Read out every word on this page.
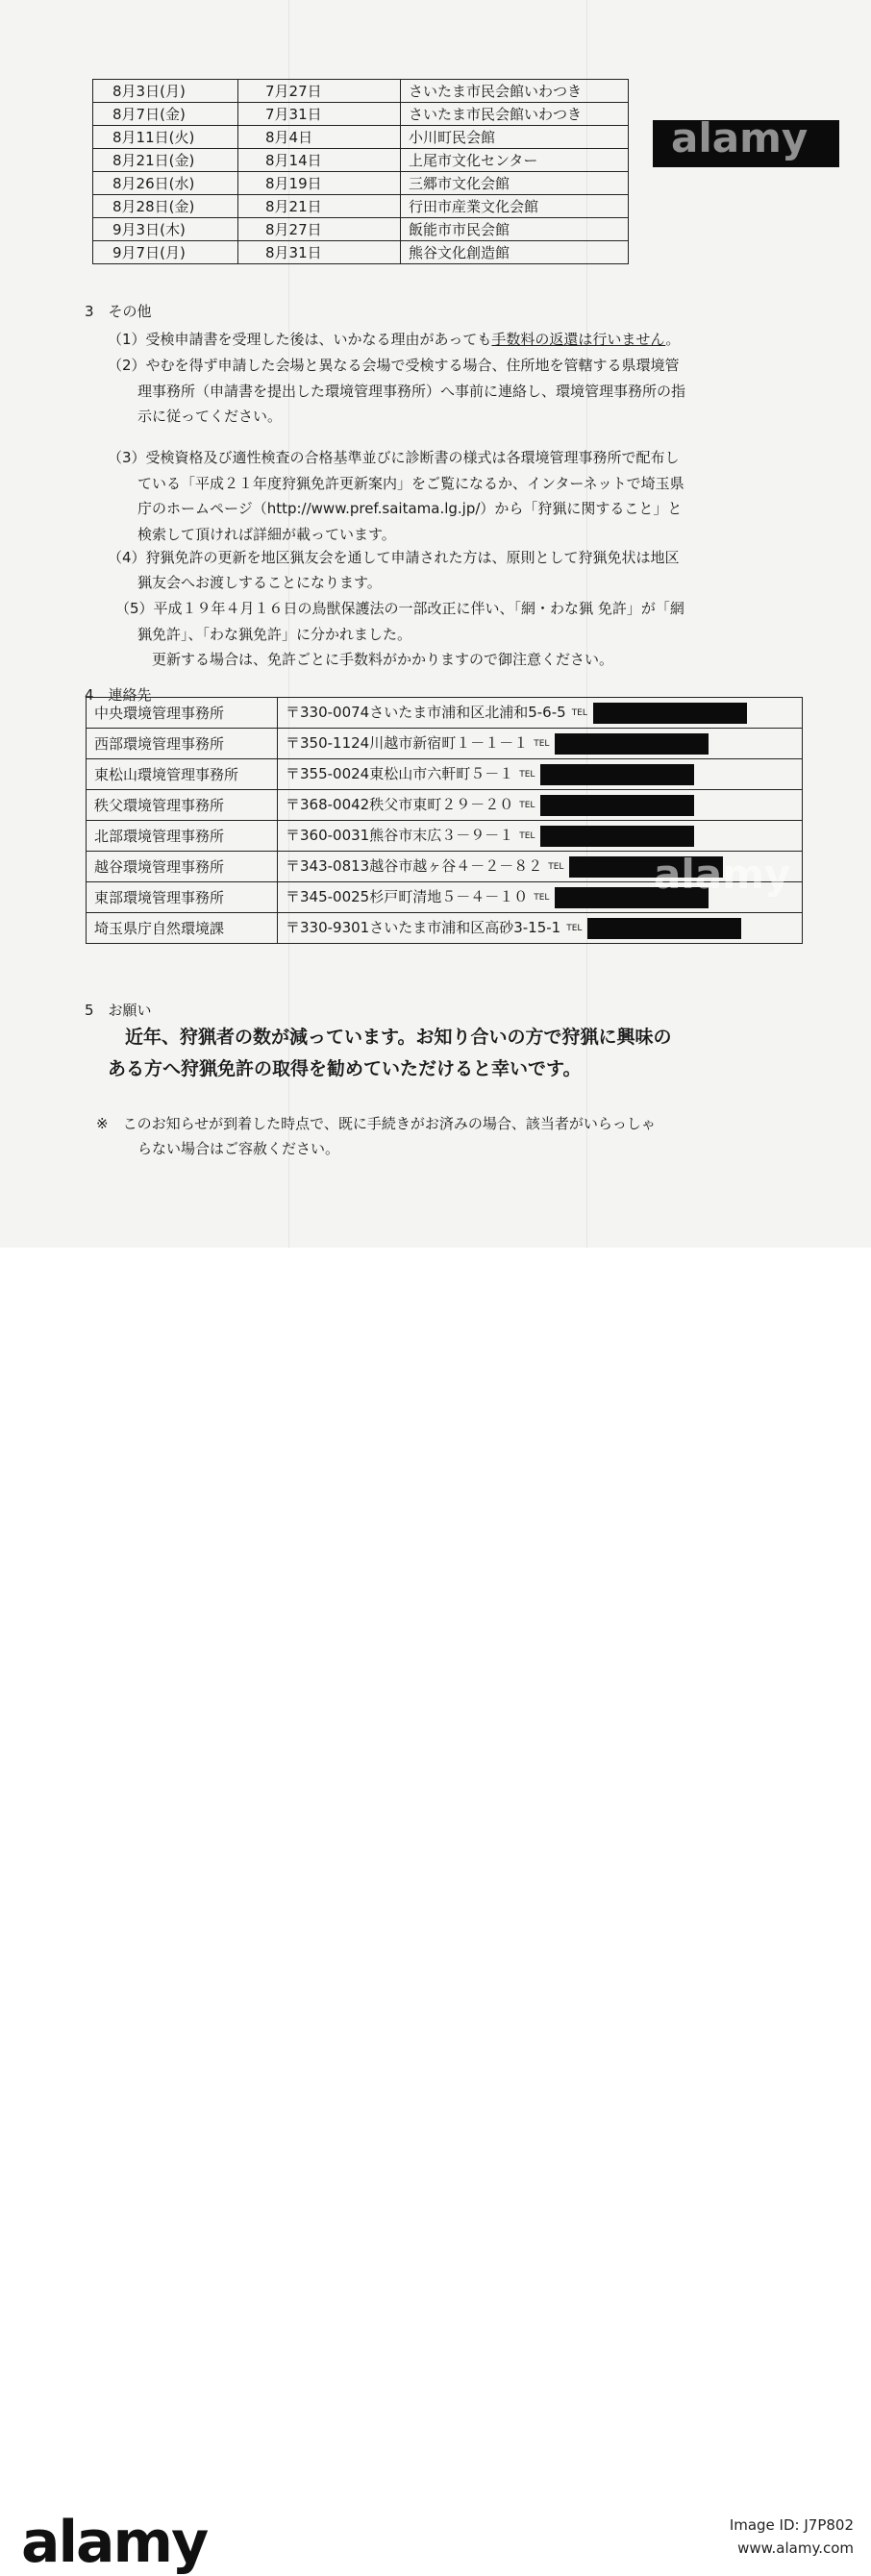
8月3日(月)	7月27日	さいたま市民会館いわつき
8月7日(金)	7月31日	さいたま市民会館いわつき
8月11日(火)	8月4日	小川町民会館
8月21日(金)	8月14日	上尾市文化センター
8月26日(水)	8月19日	三郷市文化会館
8月28日(金)	8月21日	行田市産業文化会館
9月3日(木)	8月27日	飯能市市民会館
9月7日(月)	8月31日	熊谷文化創造館
3　その他
（1）受検申請書を受理した後は、いかなる理由があっても手数料の返還は行いません。
（2）やむを得ず申請した会場と異なる会場で受検する場合、住所地を管轄する県環境管
理事務所（申請書を提出した環境管理事務所）へ事前に連絡し、環境管理事務所の指
示に従ってください。
（3）受検資格及び適性検査の合格基準並びに診断書の様式は各環境管理事務所で配布し
ている「平成２１年度狩猟免許更新案内」をご覧になるか、インターネットで埼玉県
庁のホームページ（http://www.pref.saitama.lg.jp/）から「狩猟に関すること」と
検索して頂ければ詳細が載っています。
（4）狩猟免許の更新を地区猟友会を通して申請された方は、原則として狩猟免状は地区
猟友会へお渡しすることになります。
（5）平成１９年４月１６日の鳥獣保護法の一部改正に伴い、「網・わな猟 免許」が「網
猟免許」、「わな猟免許」に分かれました。
更新する場合は、免許ごとに手数料がかかりますので御注意ください。
4　連絡先
中央環境管理事務所	〒330-0074さいたま市浦和区北浦和5-6-5 TEL
西部環境管理事務所	〒350-1124川越市新宿町１－１－１ TEL
東松山環境管理事務所	〒355-0024東松山市六軒町５－１ TEL
秩父環境管理事務所	〒368-0042秩父市東町２９－２０ TEL
北部環境管理事務所	〒360-0031熊谷市末広３－９－１ TEL
越谷環境管理事務所	〒343-0813越谷市越ヶ谷４－２－８２ TEL
東部環境管理事務所	〒345-0025杉戸町清地５－４－１０ TEL
埼玉県庁自然環境課	〒330-9301さいたま市浦和区高砂3-15-1 TEL
5　お願い
近年、狩猟者の数が減っています。お知り合いの方で狩猟に興味の
ある方へ狩猟免許の取得を勧めていただけると幸いです。
※　このお知らせが到着した時点で、既に手続きがお済みの場合、該当者がいらっしゃ
らない場合はご容赦ください。
alamy
alamy
alamy	Image ID: J7P802
www.alamy.com
